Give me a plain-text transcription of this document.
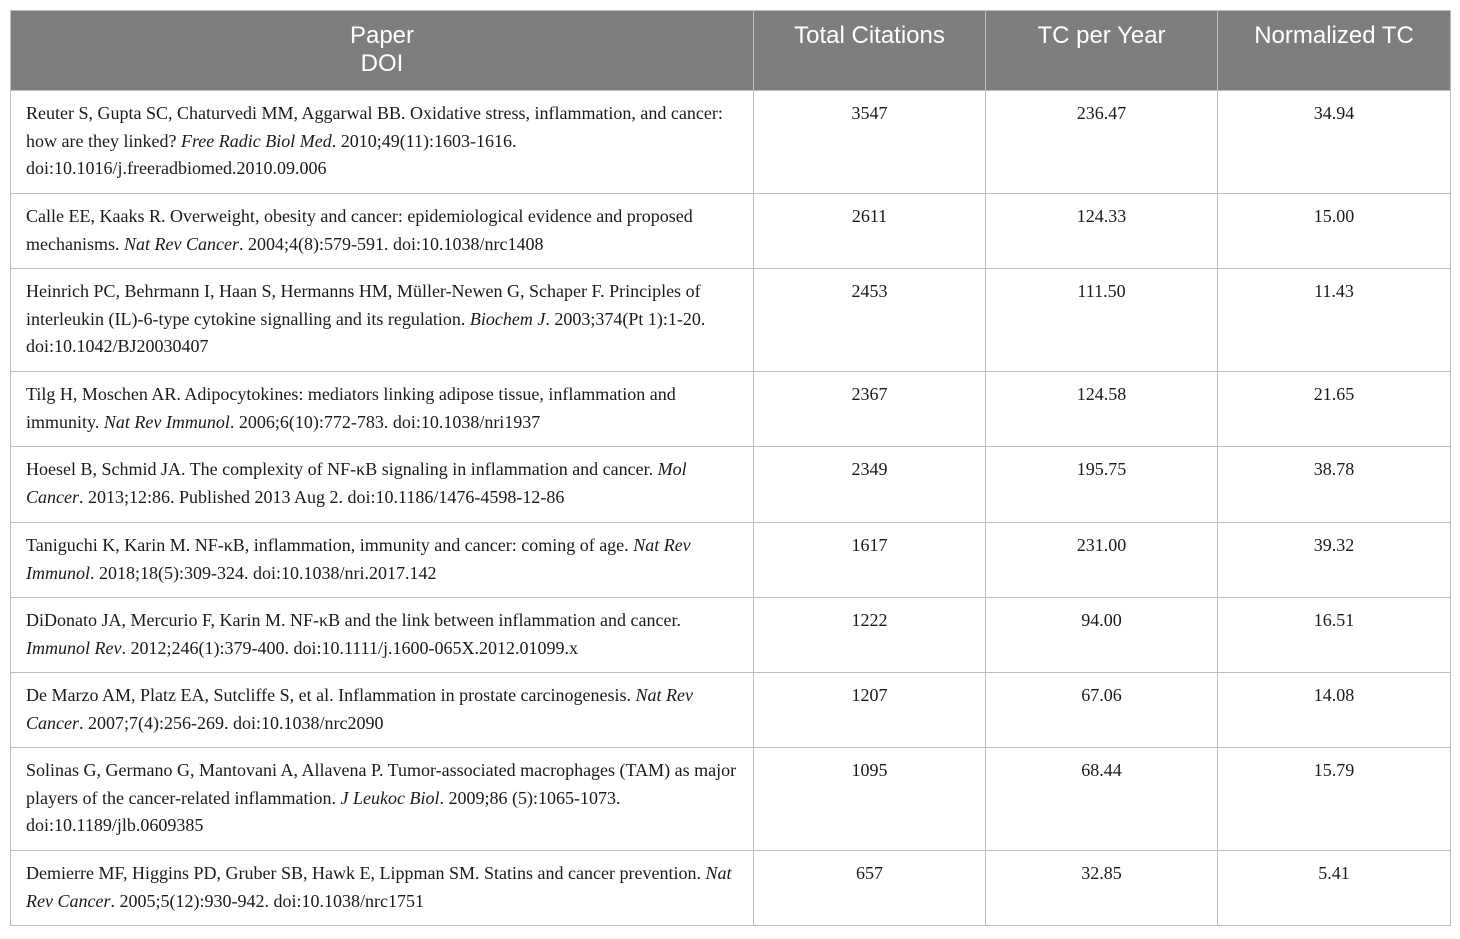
Paper
DOI	Total Citations	TC per Year	Normalized TC
Reuter S, Gupta SC, Chaturvedi MM, Aggarwal BB. Oxidative stress, inflammation, and cancer: how are they linked? Free Radic Biol Med. 2010;49(11):1603-1616. doi:10.1016/j.freeradbiomed.2010.09.006	3547	236.47	34.94
Calle EE, Kaaks R. Overweight, obesity and cancer: epidemiological evidence and proposed mechanisms. Nat Rev Cancer. 2004;4(8):579-591. doi:10.1038/nrc1408	2611	124.33	15.00
Heinrich PC, Behrmann I, Haan S, Hermanns HM, Müller-Newen G, Schaper F. Principles of interleukin (IL)-6-type cytokine signalling and its regulation. Biochem J. 2003;374(Pt 1):1-20. doi:10.1042/BJ20030407	2453	111.50	11.43
Tilg H, Moschen AR. Adipocytokines: mediators linking adipose tissue, inflammation and immunity. Nat Rev Immunol. 2006;6(10):772-783. doi:10.1038/nri1937	2367	124.58	21.65
Hoesel B, Schmid JA. The complexity of NF-κB signaling in inflammation and cancer. Mol Cancer. 2013;12:86. Published 2013 Aug 2. doi:10.1186/1476-4598-12-86	2349	195.75	38.78
Taniguchi K, Karin M. NF-κB, inflammation, immunity and cancer: coming of age. Nat Rev Immunol. 2018;18(5):309-324. doi:10.1038/nri.2017.142	1617	231.00	39.32
DiDonato JA, Mercurio F, Karin M. NF-κB and the link between inflammation and cancer. Immunol Rev. 2012;246(1):379-400. doi:10.1111/j.1600-065X.2012.01099.x	1222	94.00	16.51
De Marzo AM, Platz EA, Sutcliffe S, et al. Inflammation in prostate carcinogenesis. Nat Rev Cancer. 2007;7(4):256-269. doi:10.1038/nrc2090	1207	67.06	14.08
Solinas G, Germano G, Mantovani A, Allavena P. Tumor-associated macrophages (TAM) as major players of the cancer-related inflammation. J Leukoc Biol. 2009;86 (5):1065-1073. doi:10.1189/jlb.0609385	1095	68.44	15.79
Demierre MF, Higgins PD, Gruber SB, Hawk E, Lippman SM. Statins and cancer prevention. Nat Rev Cancer. 2005;5(12):930-942. doi:10.1038/nrc1751	657	32.85	5.41
